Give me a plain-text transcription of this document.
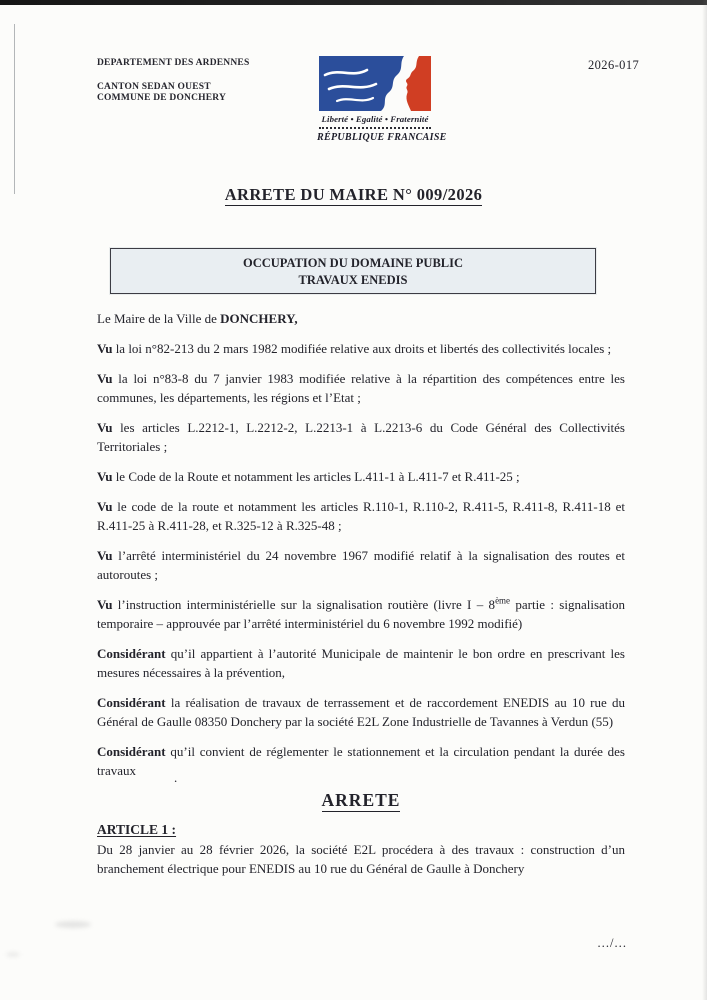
DEPARTEMENT DES ARDENNES
CANTON SEDAN OUEST
COMMUNE DE DONCHERY
Liberté • Egalité • Fraternité
RÉPUBLIQUE FRANCAISE
2026-017
ARRETE DU MAIRE N° 009/2026
OCCUPATION DU DOMAINE PUBLIC
TRAVAUX ENEDIS

Le Maire de la Ville de DONCHERY,

Vu la loi n°82-213 du 2 mars 1982 modifiée relative aux droits et libertés des collectivités locales ;

Vu la loi n°83-8 du 7 janvier 1983 modifiée relative à la répartition des compétences entre les communes, les départements, les régions et l’Etat ;

Vu les articles L.2212-1, L.2212-2, L.2213-1 à L.2213-6 du Code Général des Collectivités Territoriales ;

Vu le Code de la Route et notamment les articles L.411-1 à L.411-7 et R.411-25 ;

Vu le code de la route et notamment les articles R.110-1, R.110-2, R.411-5, R.411-8, R.411-18 et R.411-25 à R.411-28, et R.325-12 à R.325-48 ;

Vu l’arrêté interministériel du 24 novembre 1967 modifié relatif à la signalisation des routes et autoroutes ;

Vu l’instruction interministérielle sur la signalisation routière (livre I – 8ème partie : signalisation temporaire – approuvée par l’arrêté interministériel du 6 novembre 1992 modifié)

Considérant qu’il appartient à l’autorité Municipale de maintenir le bon ordre en prescrivant les mesures nécessaires à la prévention,

Considérant la réalisation de travaux de terrassement et de raccordement ENEDIS au 10 rue du Général de Gaulle 08350 Donchery par la société E2L Zone Industrielle de Tavannes à Verdun (55)

Considérant qu’il convient de réglementer le stationnement et la circulation pendant la durée des travaux

ARRETE

ARTICLE 1 :

Du 28 janvier au 28 février 2026, la société E2L procédera à des travaux : construction d’un branchement électrique pour ENEDIS au 10 rue du Général de Gaulle à Donchery

.
…/…
